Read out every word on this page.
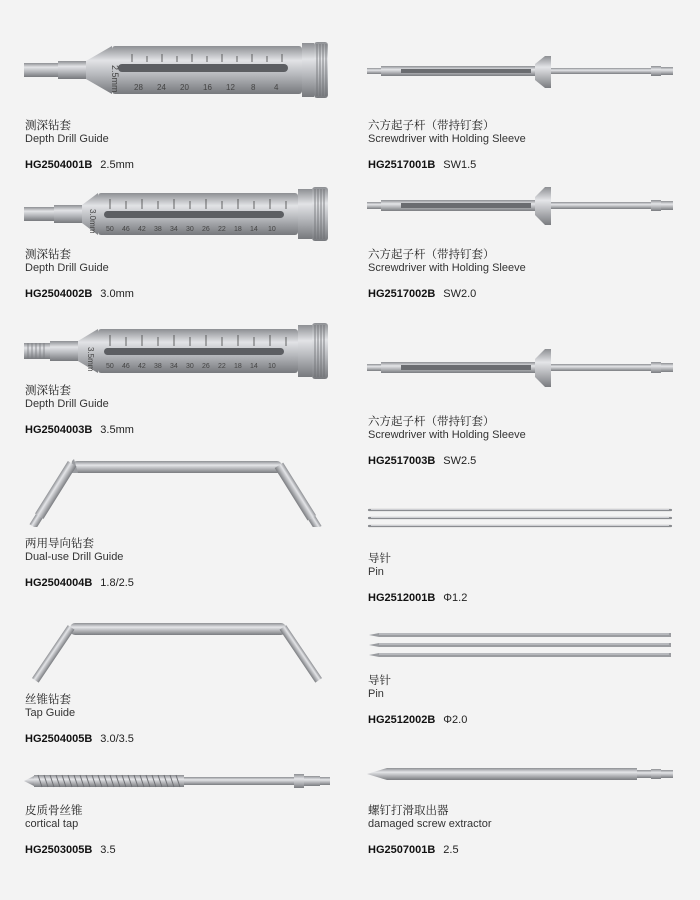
2.5mm 28 24 20 16 12 8 4
测深钻套
Depth Drill Guide
HG2504001B 2.5mm
3.0mm 50 46 42 38 34 30 26 22 18 14 10
测深钻套
Depth Drill Guide
HG2504002B 3.0mm
3.5mm 50 46 42 38 34 30 26 22 18 14 10
测深钻套
Depth Drill Guide
HG2504003B 3.5mm
两用导向钻套
Dual-use Drill Guide
HG2504004B 1.8/2.5
丝锥钻套
Tap Guide
HG2504005B 3.0/3.5
皮质骨丝锥
cortical tap
HG2503005B 3.5
六方起子杆（带持钉套）
Screwdriver with Holding Sleeve
HG2517001B SW1.5
六方起子杆（带持钉套）
Screwdriver with Holding Sleeve
HG2517002B SW2.0
六方起子杆（带持钉套）
Screwdriver with Holding Sleeve
HG2517003B SW2.5
导针
Pin
HG2512001B Φ1.2
导针
Pin
HG2512002B Φ2.0
螺钉打滑取出器
damaged screw extractor
HG2507001B 2.5
